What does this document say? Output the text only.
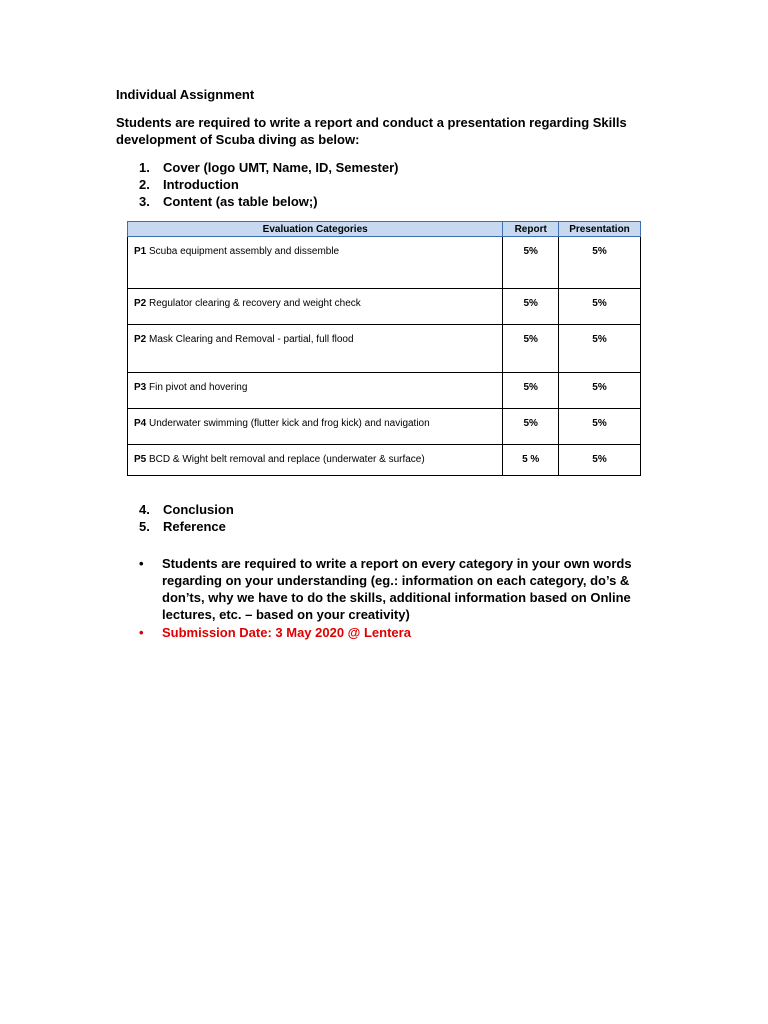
Individual Assignment

Students are required to write a report and conduct a presentation regarding Skills development of Scuba diving as below:

1. Cover (logo UMT, Name, ID, Semester)
2. Introduction
3. Content (as table below;)
Evaluation Categories	Report	Presentation
P1 Scuba equipment assembly and dissemble	5%	5%
P2 Regulator clearing & recovery and weight check	5%	5%
P2 Mask Clearing and Removal - partial, full flood	5%	5%
P3 Fin pivot and hovering	5%	5%
P4 Underwater swimming (flutter kick and frog kick) and navigation	5%	5%
P5 BCD & Wight belt removal and replace (underwater & surface)	5 %	5%
4. Conclusion
5. Reference
• Students are required to write a report on every category in your own words regarding on your understanding (eg.: information on each category, do’s & don’ts, why we have to do the skills, additional information based on Online lectures, etc. – based on your creativity)
• Submission Date: 3 May 2020 @ Lentera
